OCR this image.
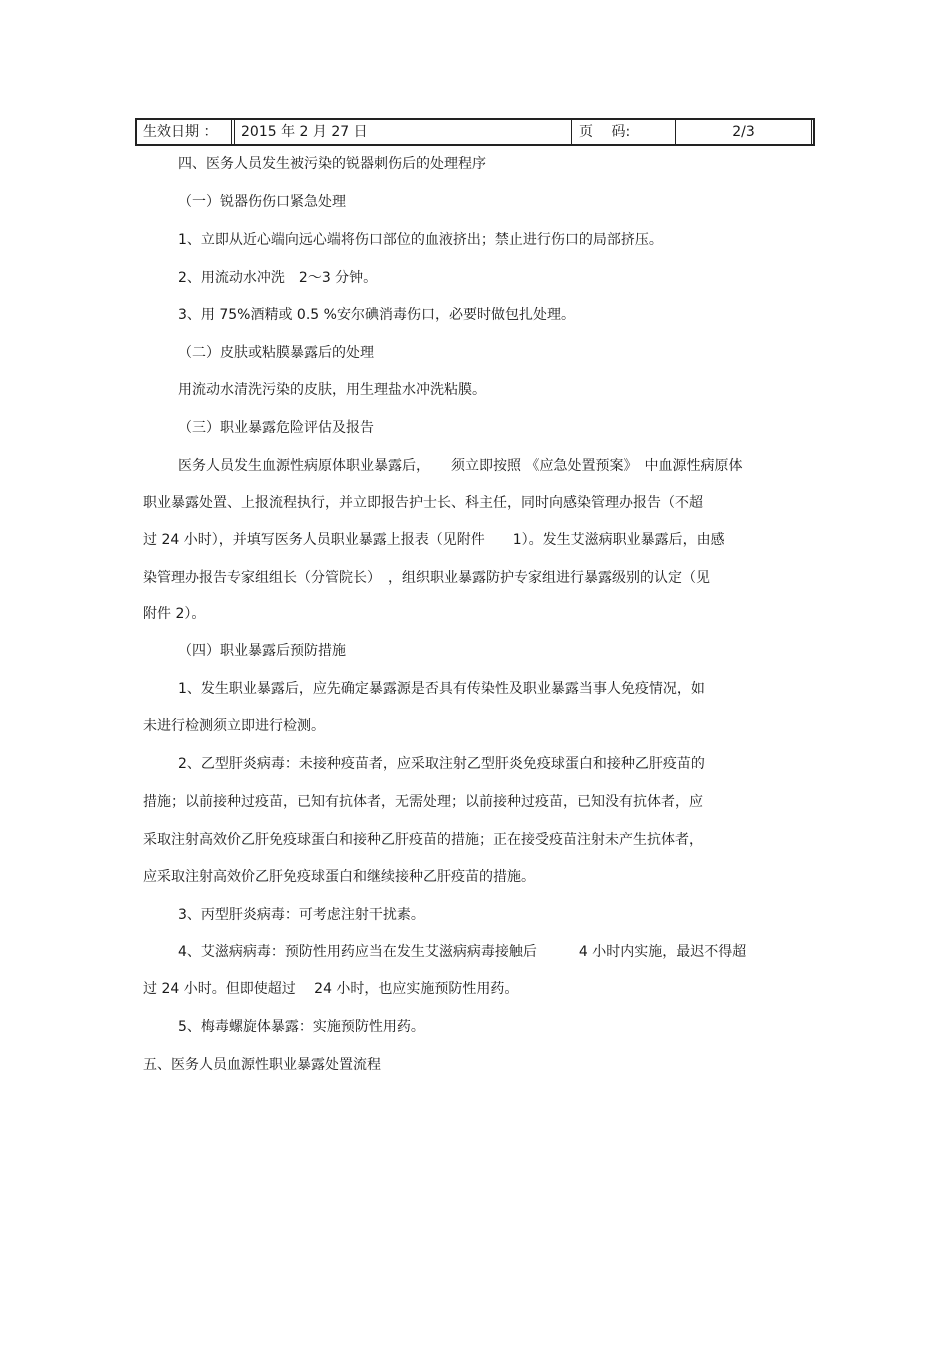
生效日期 ：	2015 年 2 月 27 日	页　 码:	2/3

四、医务人员发生被污染的锐器刺伤后的处理程序

（一）锐器伤伤口紧急处理

1、立即从近心端向远心端将伤口部位的血液挤出；禁止进行伤口的局部挤压。

2、用流动水冲洗　2～3 分钟。

3、用 75%酒精或 0.5 %安尔碘消毒伤口，必要时做包扎处理。

（二）皮肤或粘膜暴露后的处理

用流动水清洗污染的皮肤，用生理盐水冲洗粘膜。

（三）职业暴露危险评估及报告

医务人员发生血源性病原体职业暴露后，　　须立即按照 《应急处置预案》　中血源性病原体

职业暴露处置、上报流程执行，并立即报告护士长、科主任，同时向感染管理办报告（不超

过 24 小时），并填写医务人员职业暴露上报表（见附件　　1）。发生艾滋病职业暴露后，由感

染管理办报告专家组组长（分管院长）　，组织职业暴露防护专家组进行暴露级别的认定（见

附件 2）。

（四）职业暴露后预防措施

1、发生职业暴露后，应先确定暴露源是否具有传染性及职业暴露当事人免疫情况，如

未进行检测须立即进行检测。

2、乙型肝炎病毒：未接种疫苗者，应采取注射乙型肝炎免疫球蛋白和接种乙肝疫苗的

措施；以前接种过疫苗，已知有抗体者，无需处理；以前接种过疫苗，已知没有抗体者，应

采取注射高效价乙肝免疫球蛋白和接种乙肝疫苗的措施；正在接受疫苗注射未产生抗体者，

应采取注射高效价乙肝免疫球蛋白和继续接种乙肝疫苗的措施。

3、丙型肝炎病毒：可考虑注射干扰素。

4、艾滋病病毒：预防性用药应当在发生艾滋病病毒接触后　　　4 小时内实施，最迟不得超

过 24 小时。但即使超过　 24 小时，也应实施预防性用药。

5、梅毒螺旋体暴露：实施预防性用药。

五、医务人员血源性职业暴露处置流程
